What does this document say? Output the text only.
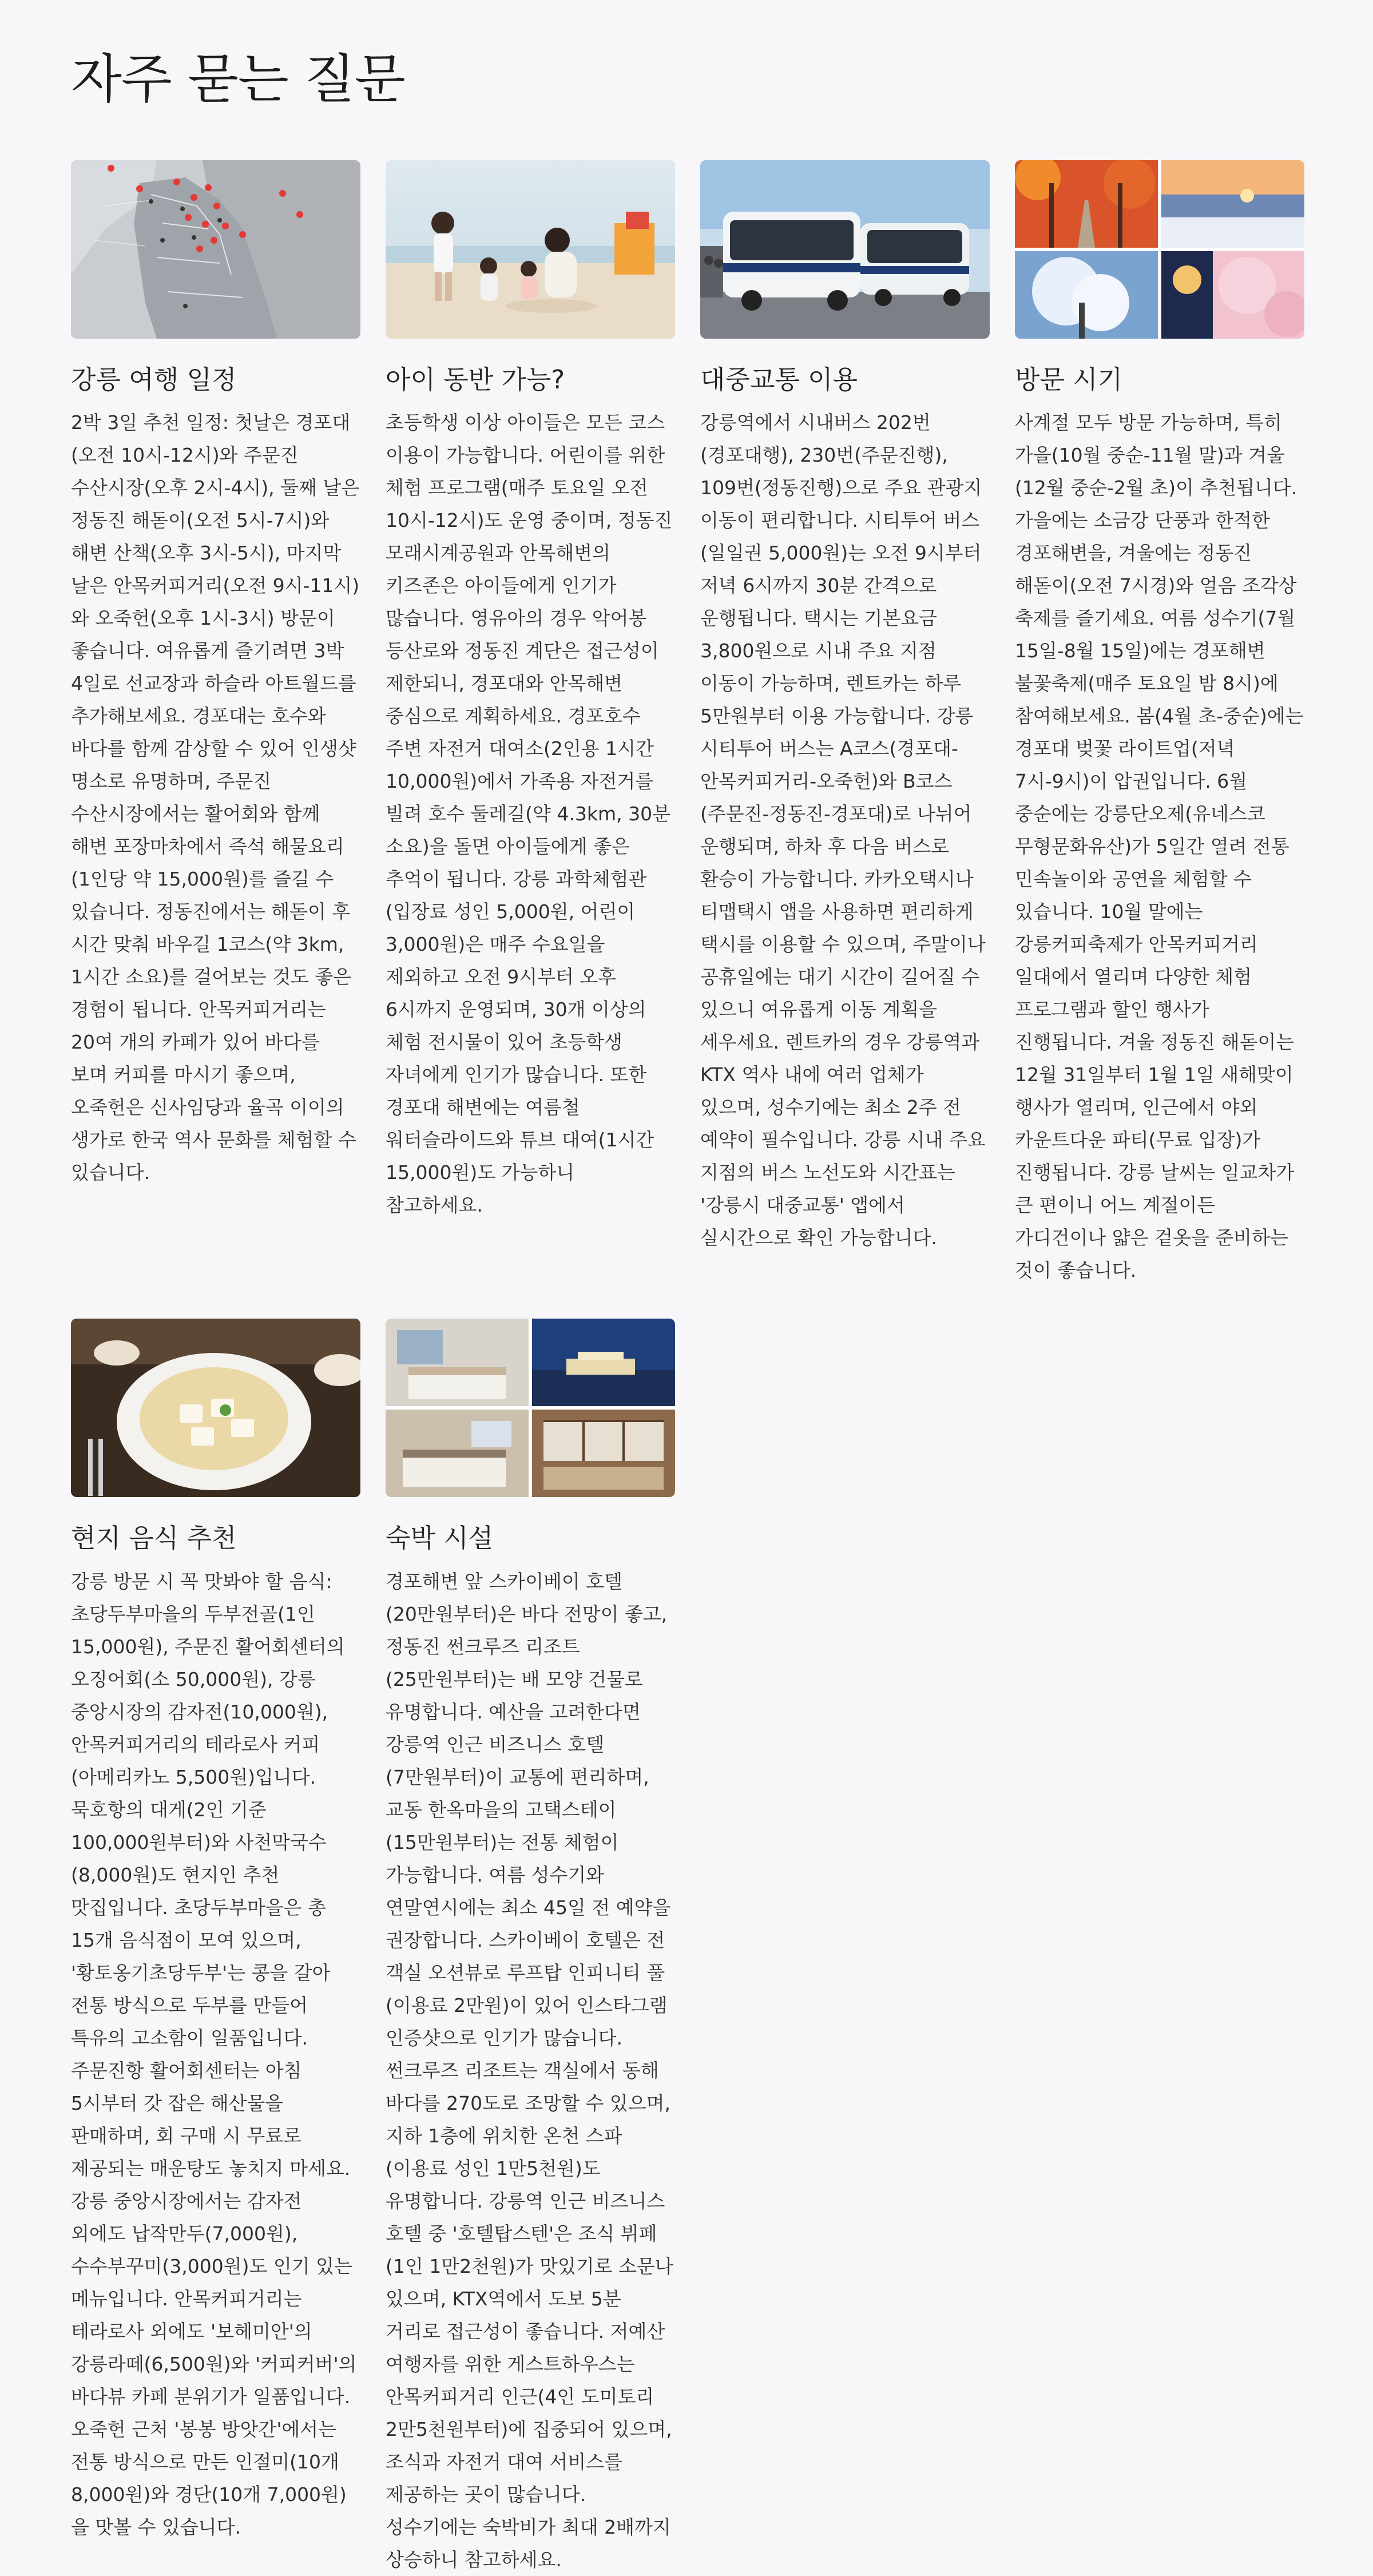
자주 묻는 질문
강릉 여행 일정

2박 3일 추천 일정: 첫날은 경포대(오전 10시-12시)와 주문진 수산시장(오후 2시-4시), 둘째 날은 정동진 해돋이(오전 5시-7시)와 해변 산책(오후 3시-5시), 마지막 날은 안목커피거리(오전 9시-11시)와 오죽헌(오후 1시-3시) 방문이 좋습니다. 여유롭게 즐기려면 3박 4일로 선교장과 하슬라 아트월드를 추가해보세요. 경포대는 호수와 바다를 함께 감상할 수 있어 인생샷 명소로 유명하며, 주문진 수산시장에서는 활어회와 함께 해변 포장마차에서 즉석 해물요리(1인당 약 15,000원)를 즐길 수 있습니다. 정동진에서는 해돋이 후 시간 맞춰 바우길 1코스(약 3km, 1시간 소요)를 걸어보는 것도 좋은 경험이 됩니다. 안목커피거리는 20여 개의 카페가 있어 바다를 보며 커피를 마시기 좋으며, 오죽헌은 신사임당과 율곡 이이의 생가로 한국 역사 문화를 체험할 수 있습니다.

아이 동반 가능?

초등학생 이상 아이들은 모든 코스 이용이 가능합니다. 어린이를 위한 체험 프로그램(매주 토요일 오전 10시-12시)도 운영 중이며, 정동진 모래시계공원과 안목해변의 키즈존은 아이들에게 인기가 많습니다. 영유아의 경우 악어봉 등산로와 정동진 계단은 접근성이 제한되니, 경포대와 안목해변 중심으로 계획하세요. 경포호수 주변 자전거 대여소(2인용 1시간 10,000원)에서 가족용 자전거를 빌려 호수 둘레길(약 4.3km, 30분 소요)을 돌면 아이들에게 좋은 추억이 됩니다. 강릉 과학체험관(입장료 성인 5,000원, 어린이 3,000원)은 매주 수요일을 제외하고 오전 9시부터 오후 6시까지 운영되며, 30개 이상의 체험 전시물이 있어 초등학생 자녀에게 인기가 많습니다. 또한 경포대 해변에는 여름철 워터슬라이드와 튜브 대여(1시간 15,000원)도 가능하니 참고하세요.

대중교통 이용

강릉역에서 시내버스 202번(경포대행), 230번(주문진행), 109번(정동진행)으로 주요 관광지 이동이 편리합니다. 시티투어 버스(일일권 5,000원)는 오전 9시부터 저녁 6시까지 30분 간격으로 운행됩니다. 택시는 기본요금 3,800원으로 시내 주요 지점 이동이 가능하며, 렌트카는 하루 5만원부터 이용 가능합니다. 강릉 시티투어 버스는 A코스(경포대-안목커피거리-오죽헌)와 B코스(주문진-정동진-경포대)로 나뉘어 운행되며, 하차 후 다음 버스로 환승이 가능합니다. 카카오택시나 티맵택시 앱을 사용하면 편리하게 택시를 이용할 수 있으며, 주말이나 공휴일에는 대기 시간이 길어질 수 있으니 여유롭게 이동 계획을 세우세요. 렌트카의 경우 강릉역과 KTX 역사 내에 여러 업체가 있으며, 성수기에는 최소 2주 전 예약이 필수입니다. 강릉 시내 주요 지점의 버스 노선도와 시간표는 '강릉시 대중교통' 앱에서 실시간으로 확인 가능합니다.

방문 시기

사계절 모두 방문 가능하며, 특히 가을(10월 중순-11월 말)과 겨울(12월 중순-2월 초)이 추천됩니다. 가을에는 소금강 단풍과 한적한 경포해변을, 겨울에는 정동진 해돋이(오전 7시경)와 얼음 조각상 축제를 즐기세요. 여름 성수기(7월 15일-8월 15일)에는 경포해변 불꽃축제(매주 토요일 밤 8시)에 참여해보세요. 봄(4월 초-중순)에는 경포대 벚꽃 라이트업(저녁 7시-9시)이 압권입니다. 6월 중순에는 강릉단오제(유네스코 무형문화유산)가 5일간 열려 전통 민속놀이와 공연을 체험할 수 있습니다. 10월 말에는 강릉커피축제가 안목커피거리 일대에서 열리며 다양한 체험 프로그램과 할인 행사가 진행됩니다. 겨울 정동진 해돋이는 12월 31일부터 1월 1일 새해맞이 행사가 열리며, 인근에서 야외 카운트다운 파티(무료 입장)가 진행됩니다. 강릉 날씨는 일교차가 큰 편이니 어느 계절이든 가디건이나 얇은 겉옷을 준비하는 것이 좋습니다.

현지 음식 추천

강릉 방문 시 꼭 맛봐야 할 음식: 초당두부마을의 두부전골(1인 15,000원), 주문진 활어회센터의 오징어회(소 50,000원), 강릉 중앙시장의 감자전(10,000원), 안목커피거리의 테라로사 커피(아메리카노 5,500원)입니다. 묵호항의 대게(2인 기준 100,000원부터)와 사천막국수(8,000원)도 현지인 추천 맛집입니다. 초당두부마을은 총 15개 음식점이 모여 있으며, '황토옹기초당두부'는 콩을 갈아 전통 방식으로 두부를 만들어 특유의 고소함이 일품입니다. 주문진항 활어회센터는 아침 5시부터 갓 잡은 해산물을 판매하며, 회 구매 시 무료로 제공되는 매운탕도 놓치지 마세요. 강릉 중앙시장에서는 감자전 외에도 납작만두(7,000원), 수수부꾸미(3,000원)도 인기 있는 메뉴입니다. 안목커피거리는 테라로사 외에도 '보헤미안'의 강릉라떼(6,500원)와 '커피커버'의 바다뷰 카페 분위기가 일품입니다. 오죽헌 근처 '봉봉 방앗간'에서는 전통 방식으로 만든 인절미(10개 8,000원)와 경단(10개 7,000원)을 맛볼 수 있습니다.

숙박 시설

경포해변 앞 스카이베이 호텔(20만원부터)은 바다 전망이 좋고, 정동진 썬크루즈 리조트(25만원부터)는 배 모양 건물로 유명합니다. 예산을 고려한다면 강릉역 인근 비즈니스 호텔(7만원부터)이 교통에 편리하며, 교동 한옥마을의 고택스테이(15만원부터)는 전통 체험이 가능합니다. 여름 성수기와 연말연시에는 최소 45일 전 예약을 권장합니다. 스카이베이 호텔은 전 객실 오션뷰로 루프탑 인피니티 풀(이용료 2만원)이 있어 인스타그램 인증샷으로 인기가 많습니다. 썬크루즈 리조트는 객실에서 동해 바다를 270도로 조망할 수 있으며, 지하 1층에 위치한 온천 스파(이용료 성인 1만5천원)도 유명합니다. 강릉역 인근 비즈니스 호텔 중 '호텔탑스텐'은 조식 뷔페(1인 1만2천원)가 맛있기로 소문나 있으며, KTX역에서 도보 5분 거리로 접근성이 좋습니다. 저예산 여행자를 위한 게스트하우스는 안목커피거리 인근(4인 도미토리 2만5천원부터)에 집중되어 있으며, 조식과 자전거 대여 서비스를 제공하는 곳이 많습니다. 성수기에는 숙박비가 최대 2배까지 상승하니 참고하세요.
